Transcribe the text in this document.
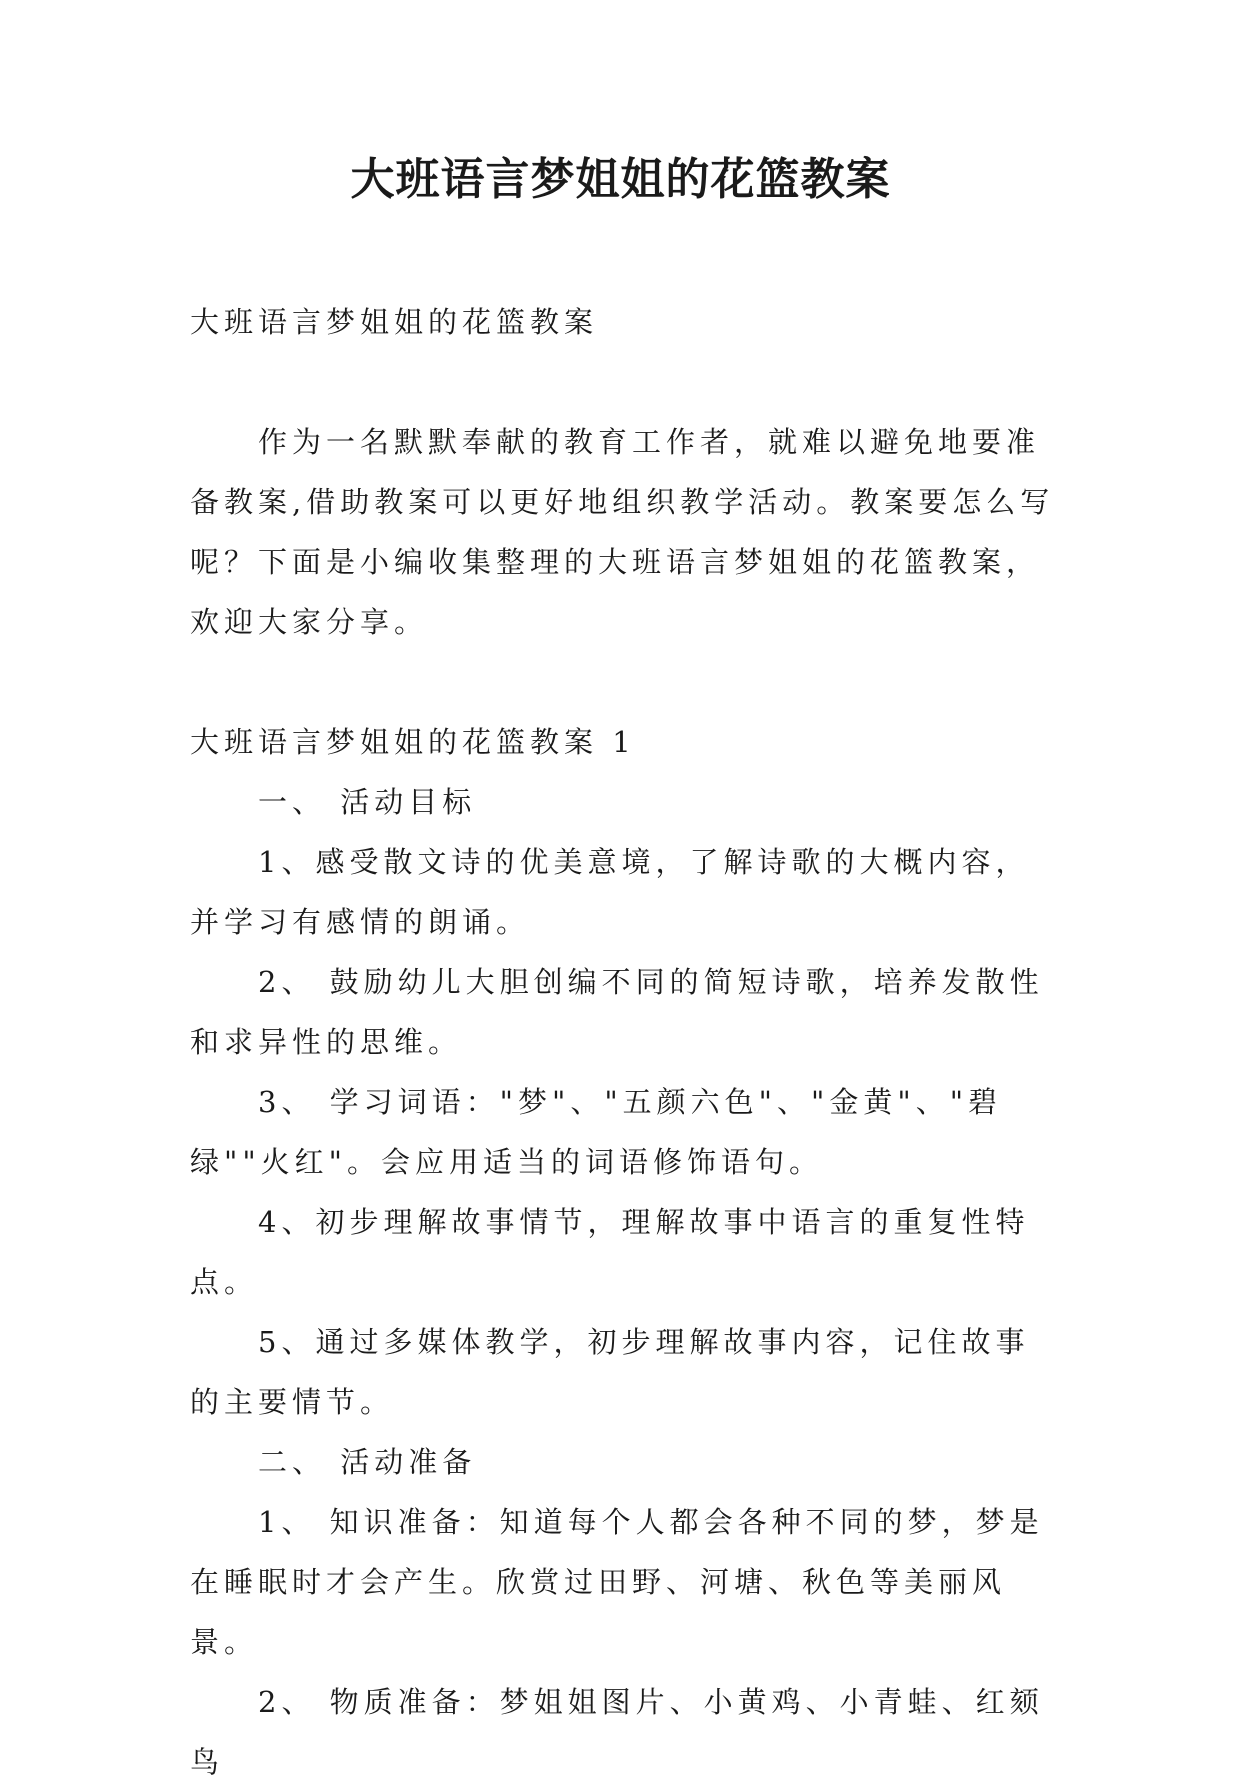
大班语言梦姐姐的花篮教案

大班语言梦姐姐的花篮教案

作为一名默默奉献的教育工作者，就难以避免地要准备教案,借助教案可以更好地组织教学活动。教案要怎么写呢？下面是小编收集整理的大班语言梦姐姐的花篮教案，欢迎大家分享。

大班语言梦姐姐的花篮教案 1

一、 活动目标

1、感受散文诗的优美意境，了解诗歌的大概内容，并学习有感情的朗诵。

2、 鼓励幼儿大胆创编不同的简短诗歌，培养发散性和求异性的思维。

3、 学习词语："梦"、"五颜六色"、"金黄"、"碧绿""火红"。会应用适当的词语修饰语句。

4、初步理解故事情节，理解故事中语言的重复性特点。

5、通过多媒体教学，初步理解故事内容，记住故事的主要情节。

二、 活动准备

1、 知识准备：知道每个人都会各种不同的梦，梦是在睡眠时才会产生。欣赏过田野、河塘、秋色等美丽风景。

2、 物质准备：梦姐姐图片、小黄鸡、小青蛙、红颏鸟
